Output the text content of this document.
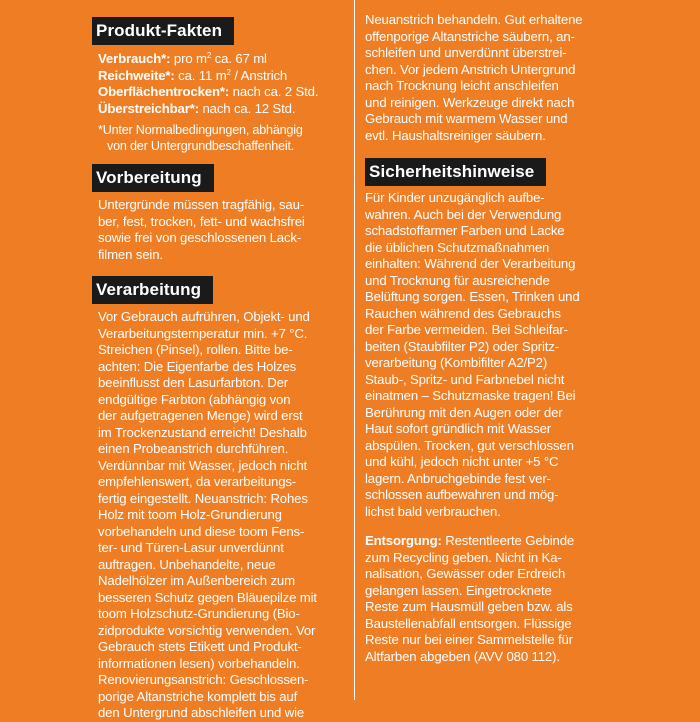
Produkt-Fakten
Verbrauch*: pro $m^2$ ca. 67 ml
Reichweite*: ca. 11 $m^2$ / Anstrich
Oberflächentrocken*: nach ca. 2 Std.
Überstreichbar*: nach ca. 12 Std.
*Unter Normalbedingungen, abhängig
von der Untergrundbeschaffenheit.
Vorbereitung
Untergründe müssen tragfähig, sau-
ber, fest, trocken, fett- und wachsfrei
sowie frei von geschlossenen Lack-
filmen sein.
Verarbeitung
Vor Gebrauch aufrühren, Objekt- und
Verarbeitungstemperatur min. +7 °C.
Streichen (Pinsel), rollen. Bitte be-
achten: Die Eigenfarbe des Holzes
beeinflusst den Lasurfarbton. Der
endgültige Farbton (abhängig von
der aufgetragenen Menge) wird erst
im Trockenzustand erreicht! Deshalb
einen Probeanstrich durchführen.
Verdünnbar mit Wasser, jedoch nicht
empfehlenswert, da verarbeitungs-
fertig eingestellt. Neuanstrich: Rohes
Holz mit toom Holz-Grundierung
vorbehandeln und diese toom Fens-
ter- und Türen-Lasur unverdünnt
auftragen. Unbehandelte, neue
Nadelhölzer im Außenbereich zum
besseren Schutz gegen Bläuepilze mit
toom Holzschutz-Grundierung (Bio-
zidprodukte vorsichtig verwenden. Vor
Gebrauch stets Etikett und Produkt-
informationen lesen) vorbehandeln.
Renovierungsanstrich: Geschlossen-
porige Altanstriche komplett bis auf
den Untergrund abschleifen und wie
Neuanstrich behandeln. Gut erhaltene
offenporige Altanstriche säubern, an-
schleifen und unverdünnt überstrei-
chen. Vor jedem Anstrich Untergrund
nach Trocknung leicht anschleifen
und reinigen. Werkzeuge direkt nach
Gebrauch mit warmem Wasser und
evtl. Haushaltsreiniger säubern.
Sicherheitshinweise
Für Kinder unzugänglich aufbe-
wahren. Auch bei der Verwendung
schadstoffarmer Farben und Lacke
die üblichen Schutzmaßnahmen
einhalten: Während der Verarbeitung
und Trocknung für ausreichende
Belüftung sorgen. Essen, Trinken und
Rauchen während des Gebrauchs
der Farbe vermeiden. Bei Schleifar-
beiten (Staubfilter P2) oder Spritz-
verarbeitung (Kombifilter A2/P2)
Staub-, Spritz- und Farbnebel nicht
einatmen – Schutzmaske tragen! Bei
Berührung mit den Augen oder der
Haut sofort gründlich mit Wasser
abspülen. Trocken, gut verschlossen
und kühl, jedoch nicht unter +5 °C
lagern. Anbruchgebinde fest ver-
schlossen aufbewahren und mög-
lichst bald verbrauchen.
Entsorgung: Restentleerte Gebinde
zum Recycling geben. Nicht in Ka-
nalisation, Gewässer oder Erdreich
gelangen lassen. Eingetrocknete
Reste zum Hausmüll geben bzw. als
Baustellenabfall entsorgen. Flüssige
Reste nur bei einer Sammelstelle für
Altfarben abgeben (AVV 080 112).
